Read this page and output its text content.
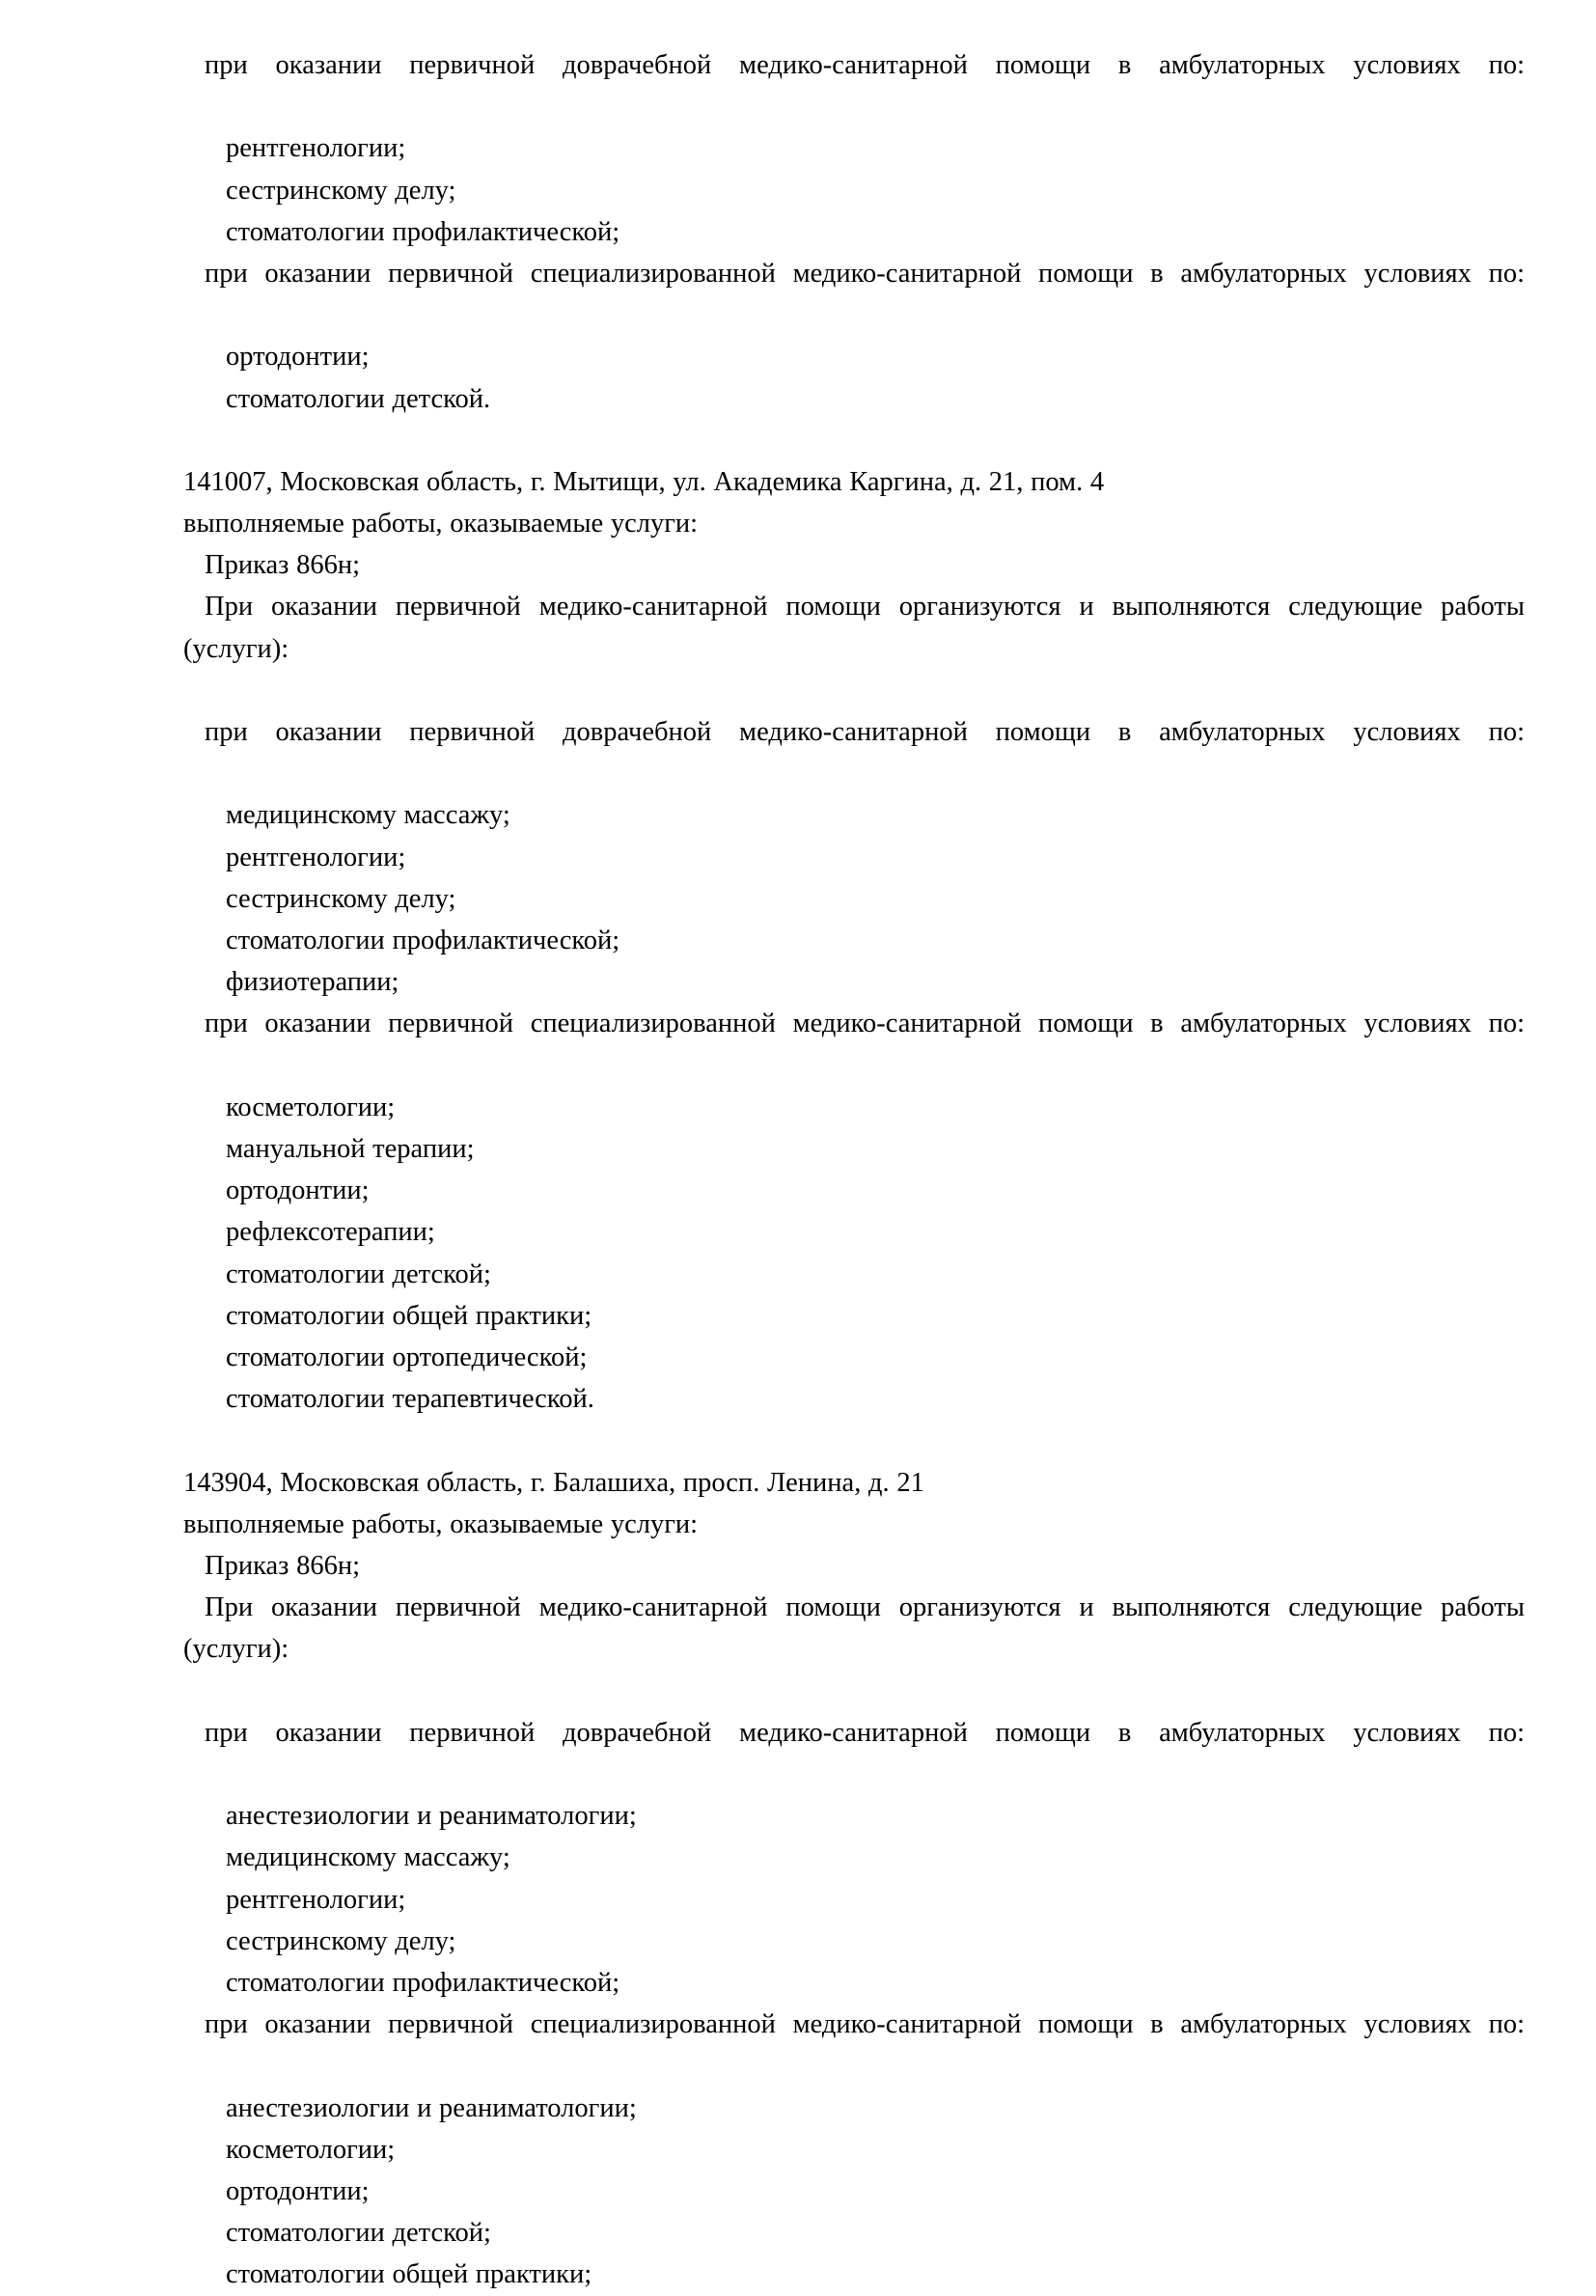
при оказании первичной доврачебной медико-санитарной помощи в амбулаторных условиях по:

рентгенологии;

сестринскому делу;

стоматологии профилактической;

при оказании первичной специализированной медико-санитарной помощи в амбулаторных условиях по:

ортодонтии;

стоматологии детской.

141007, Московская область, г. Мытищи, ул. Академика Каргина, д. 21, пом. 4

выполняемые работы, оказываемые услуги:

Приказ 866н;

При оказании первичной медико-санитарной помощи организуются и выполняются следующие работы (услуги):

при оказании первичной доврачебной медико-санитарной помощи в амбулаторных условиях по:

медицинскому массажу;

рентгенологии;

сестринскому делу;

стоматологии профилактической;

физиотерапии;

при оказании первичной специализированной медико-санитарной помощи в амбулаторных условиях по:

косметологии;

мануальной терапии;

ортодонтии;

рефлексотерапии;

стоматологии детской;

стоматологии общей практики;

стоматологии ортопедической;

стоматологии терапевтической.

143904, Московская область, г. Балашиха, просп. Ленина, д. 21

выполняемые работы, оказываемые услуги:

Приказ 866н;

При оказании первичной медико-санитарной помощи организуются и выполняются следующие работы (услуги):

при оказании первичной доврачебной медико-санитарной помощи в амбулаторных условиях по:

анестезиологии и реаниматологии;

медицинскому массажу;

рентгенологии;

сестринскому делу;

стоматологии профилактической;

при оказании первичной специализированной медико-санитарной помощи в амбулаторных условиях по:

анестезиологии и реаниматологии;

косметологии;

ортодонтии;

стоматологии детской;

стоматологии общей практики;
